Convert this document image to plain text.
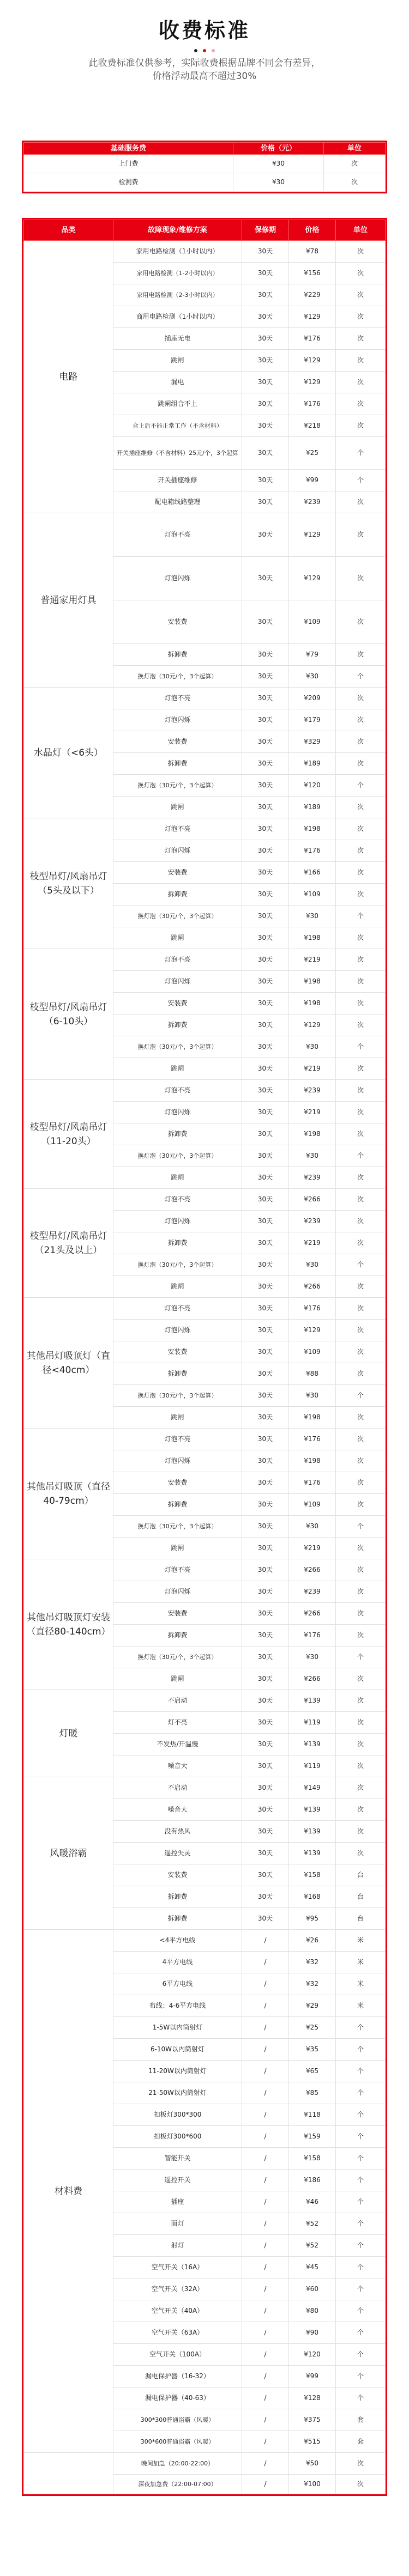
收费标准
此收费标准仅供参考，实际收费根据品牌不同会有差异，
价格浮动最高不超过30%
基础服务费	价格（元）	单位
上门费	¥30	次
检测费	¥30	次
品类	故障现象/维修方案	保修期	价格	单位
电路	家用电路检测（1小时以内）	30天	¥78	次
	家用电路检测（1-2小时以内）	30天	¥156	次
	家用电路检测（2-3小时以内）	30天	¥229	次
	商用电路检测（1小时以内）	30天	¥129	次
	插座无电	30天	¥176	次
	跳闸	30天	¥129	次
	漏电	30天	¥129	次
	跳闸组合不上	30天	¥176	次
	合上后不能正常工作（不含材料）	30天	¥218	次
	开关插座维修（不含材料）25元/个，3个起算	30天	¥25	个
	开关插座维修	30天	¥99	个
	配电箱线路整理	30天	¥239	次
普通家用灯具	灯泡不亮	30天	¥129	次
	灯泡闪烁	30天	¥129	次
	安装费	30天	¥109	次
	拆卸费	30天	¥79	次
	换灯泡（30元/个，3个起算）	30天	¥30	个
水晶灯（<6头）	灯泡不亮	30天	¥209	次
	灯泡闪烁	30天	¥179	次
	安装费	30天	¥329	次
	拆卸费	30天	¥189	次
	换灯泡（30元/个，3个起算）	30天	¥120	个
	跳闸	30天	¥189	次
枝型吊灯/风扇吊灯（5头及以下）	灯泡不亮	30天	¥198	次
	灯泡闪烁	30天	¥176	次
	安装费	30天	¥166	次
	拆卸费	30天	¥109	次
	换灯泡（30元/个，3个起算）	30天	¥30	个
	跳闸	30天	¥198	次
枝型吊灯/风扇吊灯（6-10头）	灯泡不亮	30天	¥219	次
	灯泡闪烁	30天	¥198	次
	安装费	30天	¥198	次
	拆卸费	30天	¥129	次
	换灯泡（30元/个，3个起算）	30天	¥30	个
	跳闸	30天	¥219	次
枝型吊灯/风扇吊灯（11-20头）	灯泡不亮	30天	¥239	次
	灯泡闪烁	30天	¥219	次
	拆卸费	30天	¥198	次
	换灯泡（30元/个，3个起算）	30天	¥30	个
	跳闸	30天	¥239	次
枝型吊灯/风扇吊灯（21头及以上）	灯泡不亮	30天	¥266	次
	灯泡闪烁	30天	¥239	次
	拆卸费	30天	¥219	次
	换灯泡（30元/个，3个起算）	30天	¥30	个
	跳闸	30天	¥266	次
其他吊灯吸顶灯（直径<40cm）	灯泡不亮	30天	¥176	次
	灯泡闪烁	30天	¥129	次
	安装费	30天	¥109	次
	拆卸费	30天	¥88	次
	换灯泡（30元/个，3个起算）	30天	¥30	个
	跳闸	30天	¥198	次
其他吊灯吸顶（直径40-79cm）	灯泡不亮	30天	¥176	次
	灯泡闪烁	30天	¥198	次
	安装费	30天	¥176	次
	拆卸费	30天	¥109	次
	换灯泡（30元/个，3个起算）	30天	¥30	个
	跳闸	30天	¥219	次
其他吊灯吸顶灯安装（直径80-140cm）	灯泡不亮	30天	¥266	次
	灯泡闪烁	30天	¥239	次
	安装费	30天	¥266	次
	拆卸费	30天	¥176	次
	换灯泡（30元/个，3个起算）	30天	¥30	个
	跳闸	30天	¥266	次
灯暖	不启动	30天	¥139	次
	灯不亮	30天	¥119	次
	不发热/开温慢	30天	¥139	次
	噪音大	30天	¥119	次
风暖浴霸	不启动	30天	¥149	次
	噪音大	30天	¥139	次
	没有热风	30天	¥139	次
	遥控失灵	30天	¥139	次
	安装费	30天	¥158	台
	拆卸费	30天	¥168	台
	拆卸费	30天	¥95	台
材料费	<4平方电线	/	¥26	米
	4平方电线	/	¥32	米
	6平方电线	/	¥32	米
	布线：4-6平方电线	/	¥29	米
	1-5W以内筒射灯	/	¥25	个
	6-10W以内筒射灯	/	¥35	个
	11-20W以内筒射灯	/	¥65	个
	21-50W以内筒射灯	/	¥85	个
	扣板灯300*300	/	¥118	个
	扣板灯300*600	/	¥159	个
	智能开关	/	¥158	个
	遥控开关	/	¥186	个
	插座	/	¥46	个
	面灯	/	¥52	个
	射灯	/	¥52	个
	空气开关（16A）	/	¥45	个
	空气开关（32A）	/	¥60	个
	空气开关（40A）	/	¥80	个
	空气开关（63A）	/	¥90	个
	空气开关（100A）	/	¥120	个
	漏电保护器（16-32）	/	¥99	个
	漏电保护器（40-63）	/	¥128	个
	300*300普通浴霸（风暖）	/	¥375	套
	300*600普通浴霸（风暖）	/	¥515	套
	晚间加急（20:00-22:00）	/	¥50	次
	深夜加急费（22:00-07:00）	/	¥100	次
